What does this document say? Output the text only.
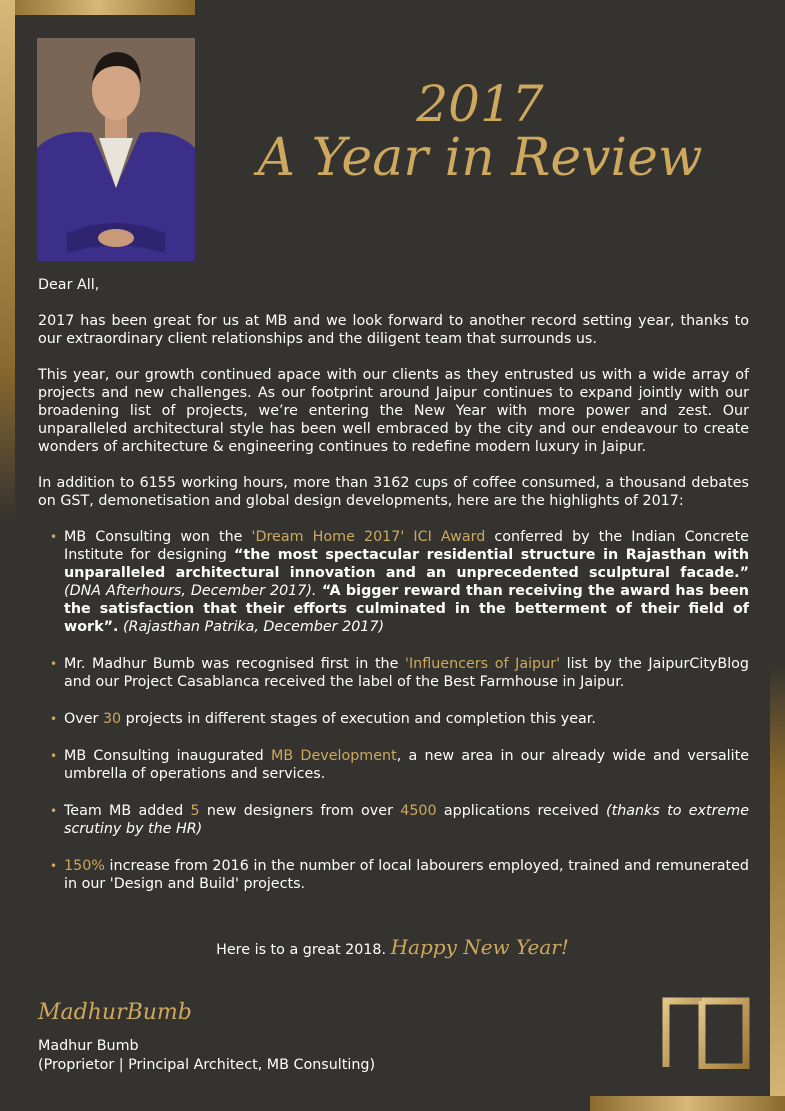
2017
A Year in Review

Dear All,

2017 has been great for us at MB and we look forward to another record setting year, thanks to our extraordinary client relationships and the diligent team that surrounds us.

This year, our growth continued apace with our clients as they entrusted us with a wide array of projects and new challenges. As our footprint around Jaipur continues to expand jointly with our broadening list of projects, we’re entering the New Year with more power and zest. Our unparalleled architectural style has been well embraced by the city and our endeavour to create wonders of architecture & engineering continues to redefine modern luxury in Jaipur.

In addition to 6155 working hours, more than 3162 cups of coffee consumed, a thousand debates on GST, demonetisation and global design developments, here are the highlights of 2017:

• MB Consulting won the 'Dream Home 2017' ICI Award conferred by the Indian Concrete Institute for designing “the most spectacular residential structure in Rajasthan with unparalleled architectural innovation and an unprecedented sculptural facade.” (DNA Afterhours, December 2017). “A bigger reward than receiving the award has been the satisfaction that their efforts culminated in the betterment of their field of work”. (Rajasthan Patrika, December 2017)
• Mr. Madhur Bumb was recognised first in the 'Influencers of Jaipur' list by the JaipurCityBlog and our Project Casablanca received the label of the Best Farmhouse in Jaipur.
• Over 30 projects in different stages of execution and completion this year.
• MB Consulting inaugurated MB Development, a new area in our already wide and versalite umbrella of operations and services.
• Team MB added 5 new designers from over 4500 applications received (thanks to extreme scrutiny by the HR)
• 150% increase from 2016 in the number of local labourers employed, trained and remunerated in our 'Design and Build' projects.
Here is to a great 2018. Happy New Year!
MadhurBumb
Madhur Bumb
(Proprietor | Principal Architect, MB Consulting)
